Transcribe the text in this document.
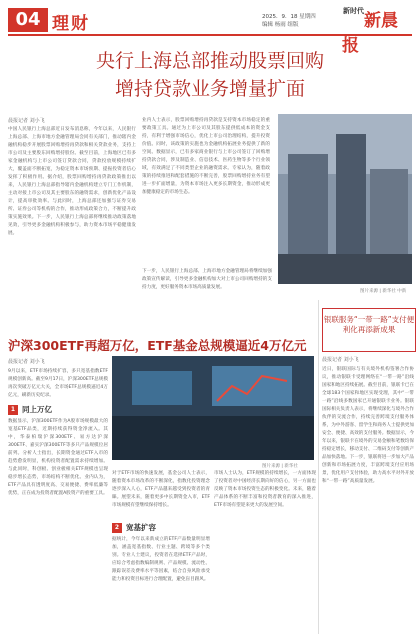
04 理财	2025．9．18 星期四
编辑 杨雨 组版
新时代新晨报
央行上海总部推动股票回购
增持贷款业务增量扩面
晨报记者 刘小飞
中国人民银行上海总部近日发布消息称，今年以来，人民银行上海总部、上海市地方金融管理局会同有关部门，推动辖内金融机构稳步开展股票回购增持再贷款和相关贷款业务，支持上市公司及主要股东回购增持股份。截至目前，上海地区已有多家金融机构与上市公司签订贷款合同，贷款投放规模持续扩大，覆盖面不断拓宽，为稳定资本市场预期、提振投资者信心发挥了积极作用。据介绍，股票回购增持再贷款政策推出以来，人民银行上海总部指导辖内金融机构建立专门工作机制，主动对接上市公司及其主要股东的融资需求，创新优化产品设计，提高审批效率。与此同时，上海总部还加强与证券交易所、证券公司等机构的合作，推动形成政策合力，不断提升政策实施效果。下一步，人民银行上海总部将继续推动政策落地见效，引导更多金融机构积极参与，助力资本市场平稳健康发展。
业内人士表示，股票回购增持再贷款是支持资本市场稳定的重要政策工具。通过为上市公司及其股东提供低成本的资金支持，有利于增强市场信心，优化上市公司治理结构，提升投资价值。同时，该政策的实施也为金融机构拓展业务提供了新的空间。数据显示，已有多家商业银行与上市公司签订了回购增持贷款合同，涉及制造业、信息技术、医药生物等多个行业领域，有效满足了不同类型企业的融资需求。专家认为，随着政策的持续推进和配套措施的不断完善，股票回购增持业务有望进一步扩面增量，为资本市场注入更多长期资金，推动形成更加健康稳定的市场生态。
图片来源 | 新华社 中新
下一步，人民银行上海总部、上海市地方金融管理局将继续加强政策宣传解读，引导更多金融机构加大对上市公司回购增持的支持力度，更好服务资本市场高质量发展。
沪深300ETF再超万亿，ETF基金总规模逼近4万亿元
晨报记者 刘小飞
9月以来，ETF市场持续扩容，多只宽基指数ETF规模创新高。截至9月17日，沪深300ETF总规模再次突破万亿元大关，全市场ETF总规模逼近4万亿元，刷新历史纪录。
图片来源 | 新华社
1 同上万亿
数据显示，沪深300ETF作为A股市场规模最大的宽基ETF品类，近期持续获得资金净流入。其中，华泰柏瑞沪深300ETF、易方达沪深300ETF、嘉实沪深300ETF等多只产品规模位居前列。分析人士指出，长期资金通过ETF入市的趋势愈发明显，机构投资者配置需求持续增加。与此同时，科创板、创业板相关ETF规模也呈现稳步增长态势，市场结构不断优化。业内认为，ETF产品具有透明度高、交易便捷、费率低廉等优势，正在成为投资者配置A股资产的重要工具。
对于ETF市场的快速发展，基金公司人士表示，随着资本市场改革的不断深化，指数化投资理念逐步深入人心，ETF产品越来越受到投资者的青睐。展望未来，随着更多中长期资金入市，ETF市场规模有望继续保持增长。
2 宽基扩容
据统计，今年以来新成立的ETF产品数量明显增加，涵盖宽基指数、行业主题、跨境等多个类别。专业人士建议，投资者在选择ETF产品时，应综合考虑指数编制规则、产品规模、流动性、跟踪误差及费率水平等因素，结合自身风险承受能力和投资目标进行合理配置，避免盲目跟风。
市场人士认为，ETF规模的持续增长，一方面体现了投资者对中国经济长期向好的信心，另一方面也反映了资本市场投资生态的积极变化。未来，随着产品体系的不断丰富和投资者教育的深入推进，ETF市场有望迎来更大的发展空间。
银联服务“一带一路”支付便利化再添新成果
晨报记者 刘小飞
近日，银联国际与有关境外机构签署合作协议，推动银联卡受理网络在“一带一路”沿线国家和地区持续拓展。截至目前，银联卡已在全球183个国家和地区实现受理，其中“一带一路”沿线多数国家已开通银联卡业务。银联国际相关负责人表示，将继续深化与境外合作伙伴的交流合作，持续完善跨境支付服务体系，为中外游客、留学生和商务人士提供更加安全、便捷、高效的支付服务。数据显示，今年以来，银联卡在境外的交易金额和笔数均保持稳定增长，移动支付、二维码支付等创新产品加快落地。下一步，银联将进一步加大产品创新和市场拓展力度，丰富跨境支付应用场景，优化用户支付体验，助力高水平对外开放和“一带一路”高质量发展。
